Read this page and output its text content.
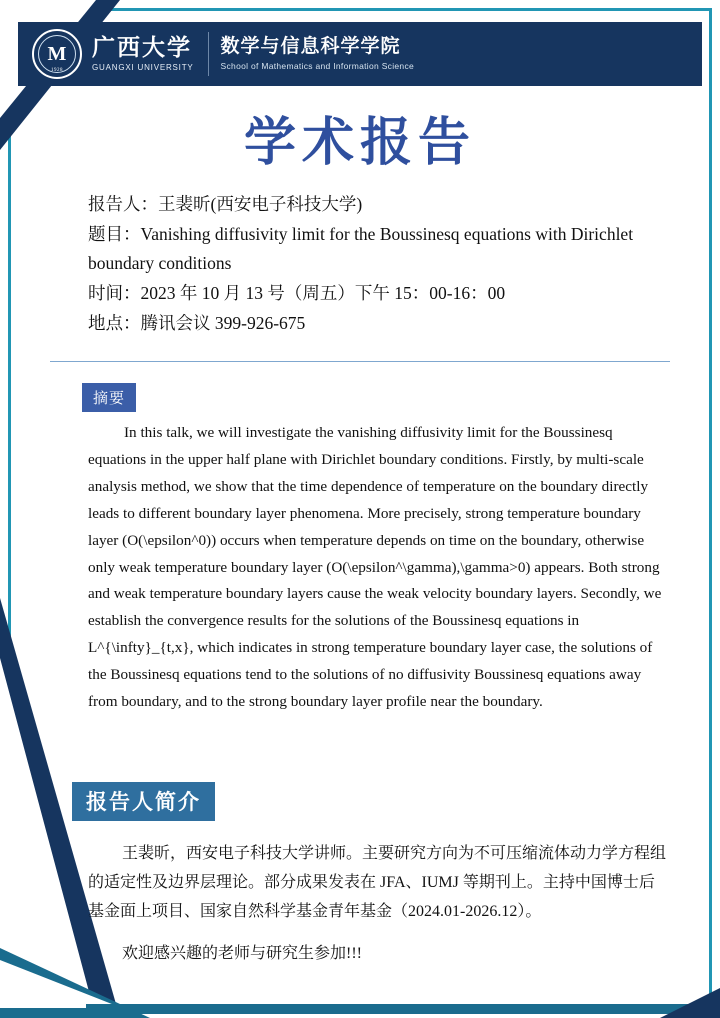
M
1928
广西大学
GUANGXI UNIVERSITY
数学与信息科学学院
School of Mathematics and Information Science
学术报告
报告人：王裴昕(西安电子科技大学)
题目：Vanishing diffusivity limit for the Boussinesq equations with Dirichlet boundary conditions
时间：2023 年 10 月 13 号（周五）下午 15：00-16：00
地点：腾讯会议 399-926-675
摘要
In this talk, we will investigate the vanishing diffusivity limit for the Boussinesq equations in the upper half plane with Dirichlet boundary conditions. Firstly, by multi-scale analysis method, we show that the time dependence of temperature on the boundary directly leads to different boundary layer phenomena. More precisely, strong temperature boundary layer (O(\epsilon^0)) occurs when temperature depends on time on the boundary, otherwise only weak temperature boundary layer (O(\epsilon^\gamma),\gamma>0) appears. Both strong and weak temperature boundary layers cause the weak velocity boundary layers. Secondly, we establish the convergence results for the solutions of the Boussinesq equations in L^{\infty}_{t,x}, which indicates in strong temperature boundary layer case, the solutions of the Boussinesq equations tend to the solutions of no diffusivity Boussinesq equations away from boundary, and to the strong boundary layer profile near the boundary.
报告人简介
王裴昕，西安电子科技大学讲师。主要研究方向为不可压缩流体动力学方程组的适定性及边界层理论。部分成果发表在 JFA、IUMJ 等期刊上。主持中国博士后基金面上项目、国家自然科学基金青年基金（2024.01-2026.12）。
欢迎感兴趣的老师与研究生参加!!!
